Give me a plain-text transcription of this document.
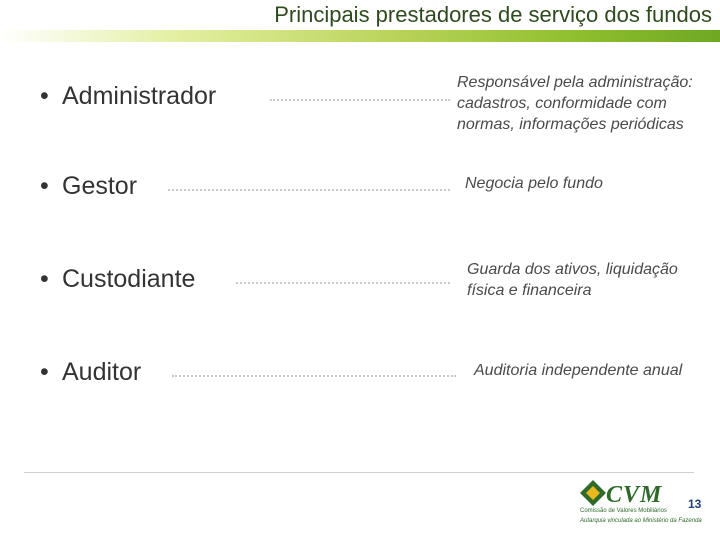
Principais prestadores de serviço dos fundos
• Administrador	Responsável pela administração:
cadastros, conformidade com
normas, informações periódicas
• Gestor	Negocia pelo fundo
• Custodiante	Guarda dos ativos, liquidação
física e financeira
• Auditor	Auditoria independente anual
CVM
Comissão de Valores Mobiliários
Autarquia vinculada ao Ministério da Fazenda
13
